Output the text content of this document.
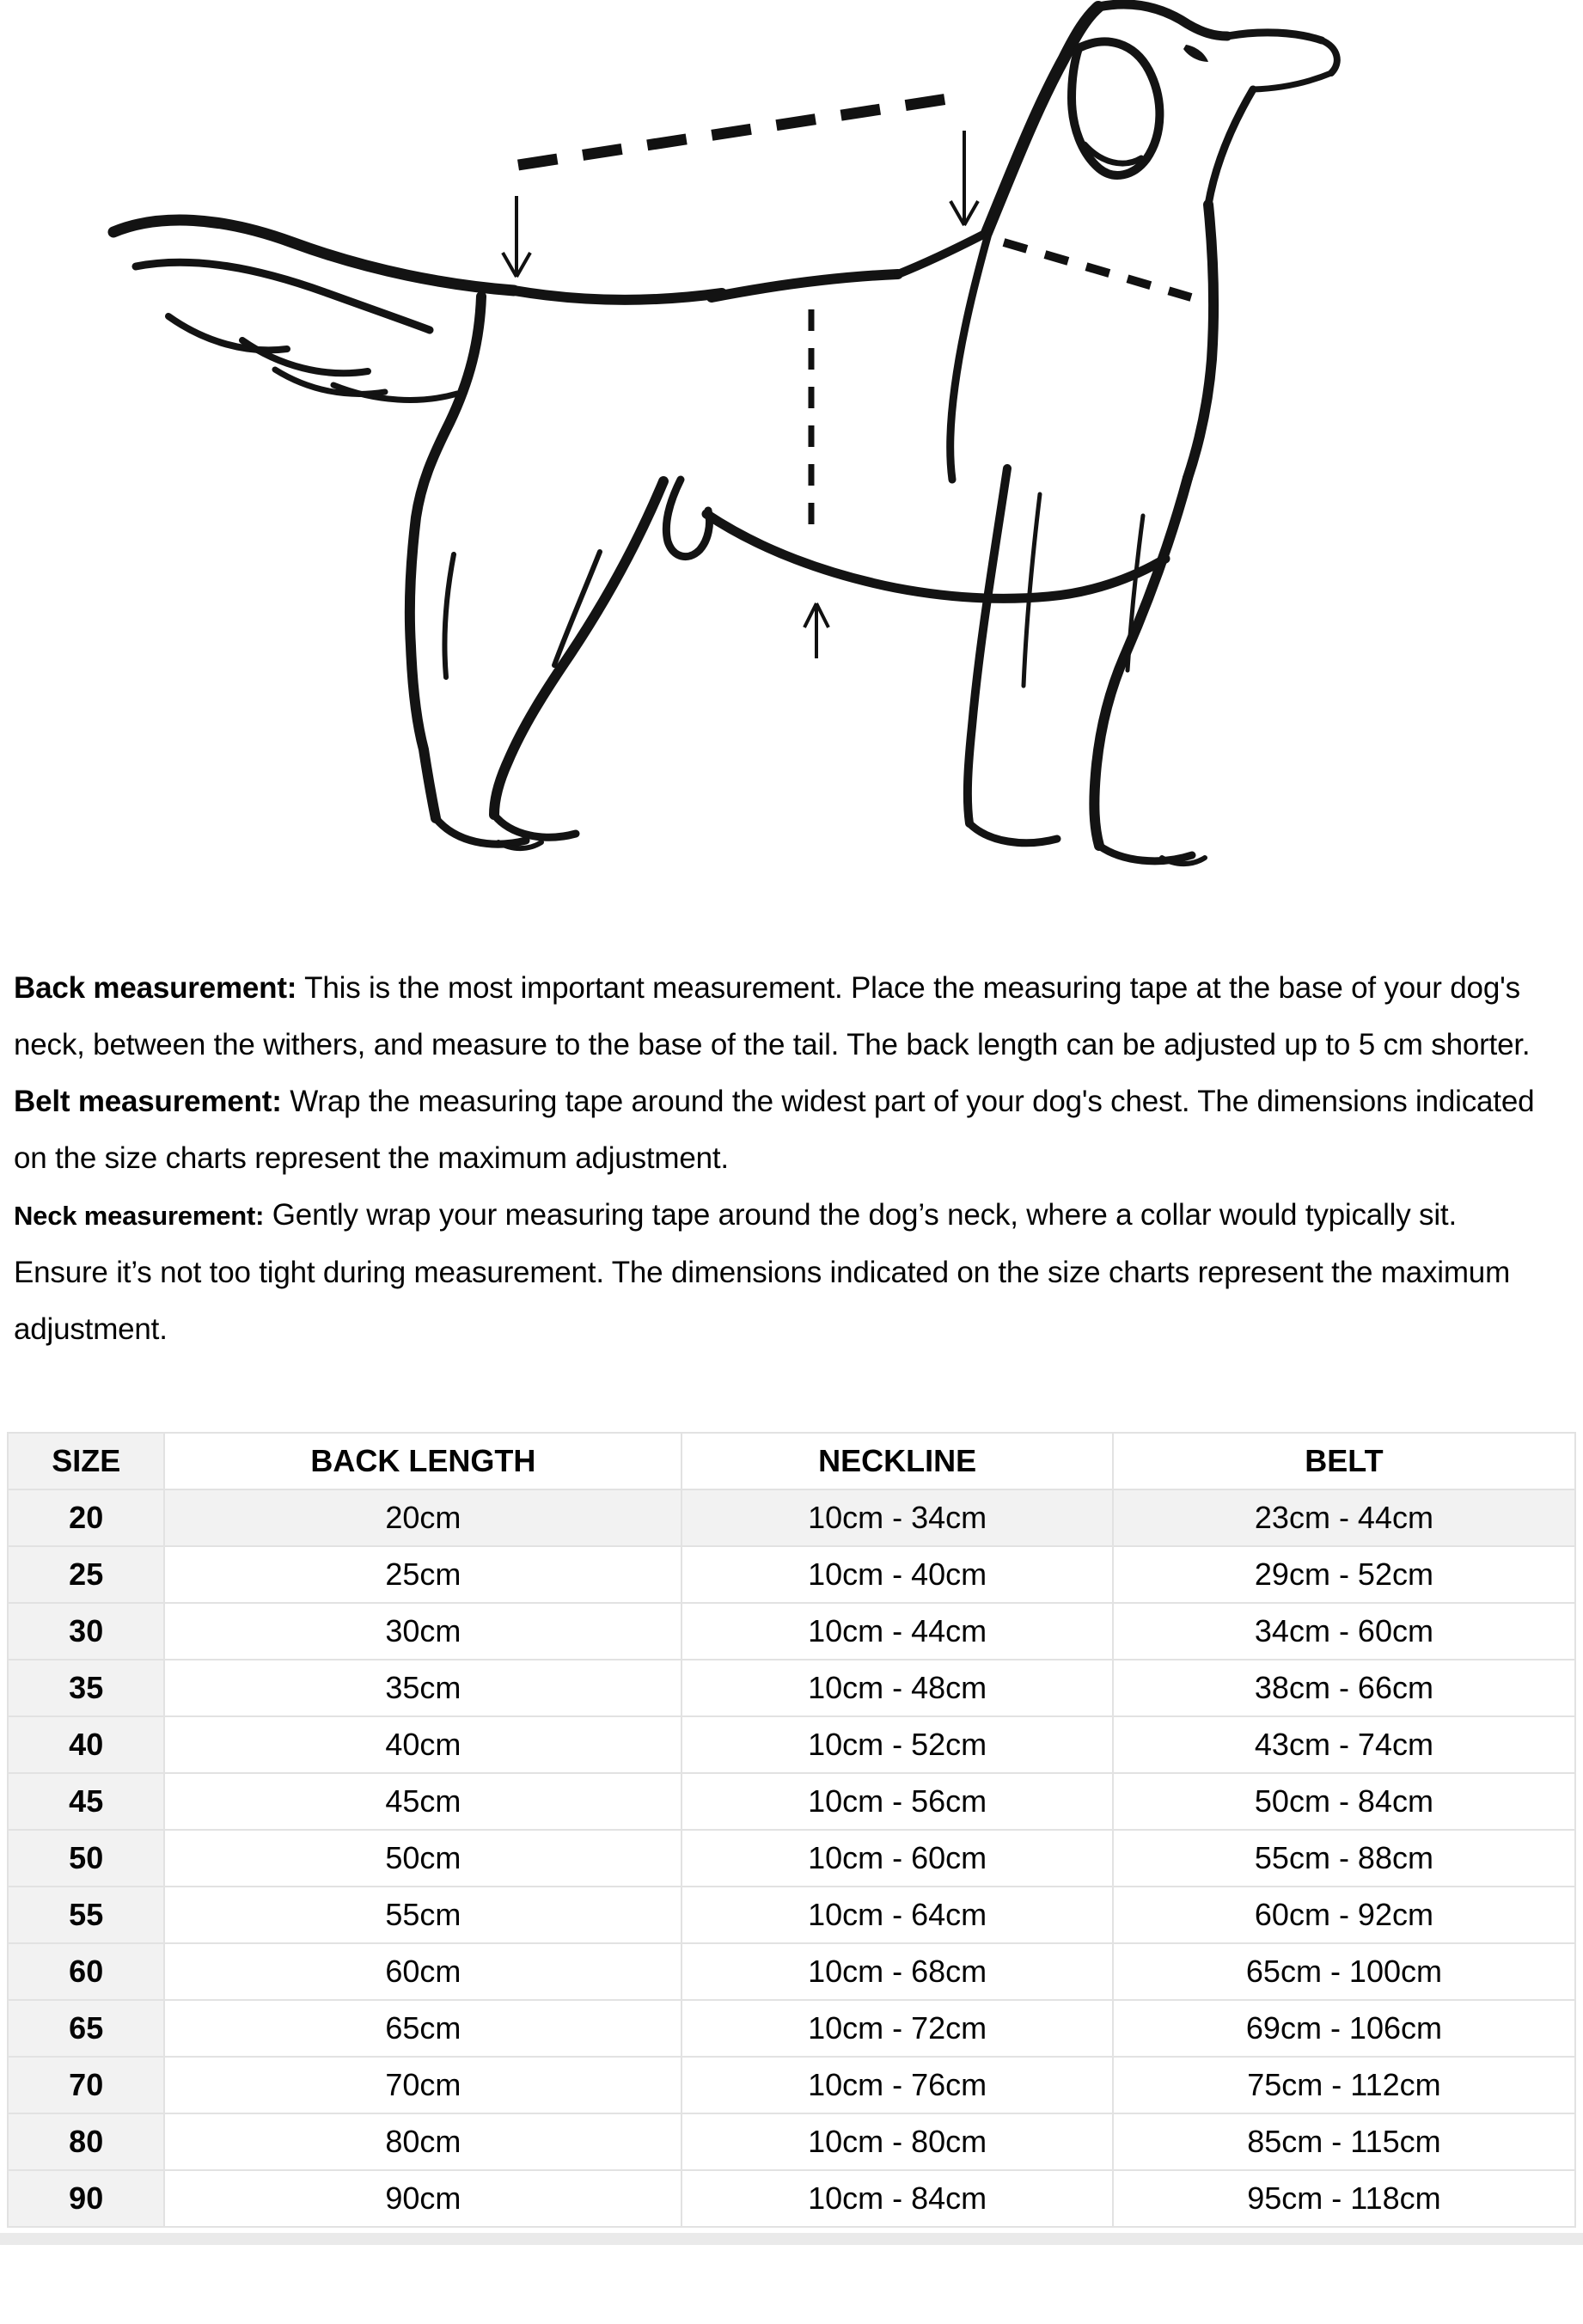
Back measurement: This is the most important measurement. Place the measuring tape at the base of your dog's neck, between the withers, and measure to the base of the tail. The back length can be adjusted up to 5 cm shorter.

Belt measurement: Wrap the measuring tape around the widest part of your dog's chest. The dimensions indicated on the size charts represent the maximum adjustment.

Neck measurement: Gently wrap your measuring tape around the dog’s neck, where a collar would typically sit. Ensure it’s not too tight during measurement. The dimensions indicated on the size charts represent the maximum adjustment.

SIZE	BACK LENGTH	NECKLINE	BELT
20	20cm	10cm - 34cm	23cm - 44cm
25	25cm	10cm - 40cm	29cm - 52cm
30	30cm	10cm - 44cm	34cm - 60cm
35	35cm	10cm - 48cm	38cm - 66cm
40	40cm	10cm - 52cm	43cm - 74cm
45	45cm	10cm - 56cm	50cm - 84cm
50	50cm	10cm - 60cm	55cm - 88cm
55	55cm	10cm - 64cm	60cm - 92cm
60	60cm	10cm - 68cm	65cm - 100cm
65	65cm	10cm - 72cm	69cm - 106cm
70	70cm	10cm - 76cm	75cm - 112cm
80	80cm	10cm - 80cm	85cm - 115cm
90	90cm	10cm - 84cm	95cm - 118cm
